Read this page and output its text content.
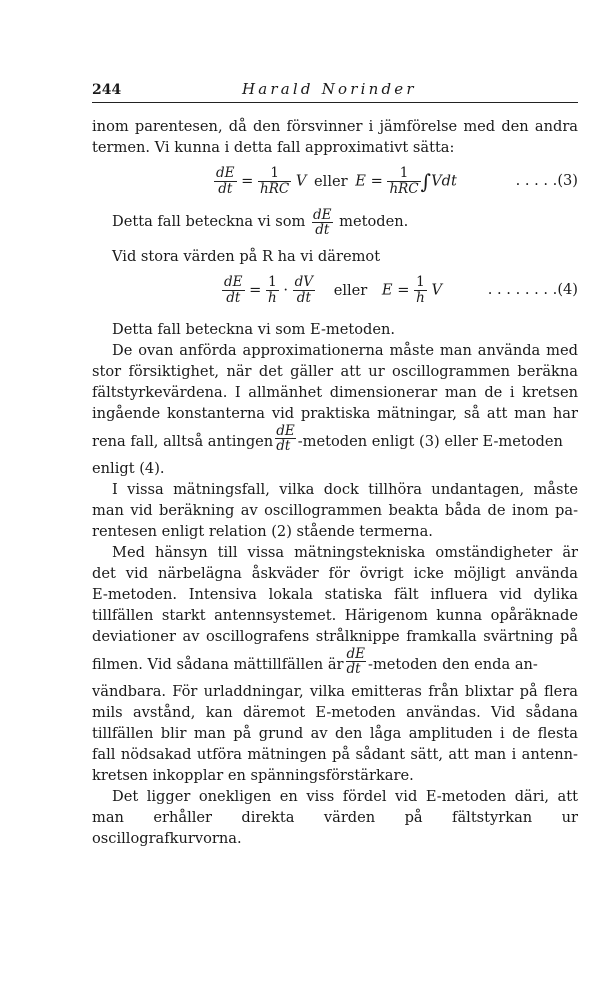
244	Harald Norinder

inom parentesen, då den försvinner i jämförelse med den andra
termen. Vi kunna i detta fall approximativt sätta:

$\frac{dE}{dt} = \frac{1}{\text{hRC}}$ V eller $E = \frac{1}{\text{hRC}} \int Vdt$	. . . . .(3)
Detta fall beteckna vi som $\frac{dE}{dt}$ metoden.
Vid stora värden på R ha vi däremot
$\frac{dE}{dt} = \frac{1}{h} \cdot \frac{dV}{dt}$ eller $E = \frac{1}{h}$ V	. . . . . . . .(4)
Detta fall beteckna vi som E-metoden.

De ovan anförda approximationerna måste man använda med
stor försiktighet, när det gäller att ur oscillogrammen beräkna
fältstyrkevärdena. I allmänhet dimensionerar man de i kretsen
ingående konstanterna vid praktiska mätningar, så att man har
rena fall, alltså antingen $\frac{dE}{dt}$ -metoden enligt (3) eller E-metoden
enligt (4).

I vissa mätningsfall, vilka dock tillhöra undantagen, måste
man vid beräkning av oscillogrammen beakta båda de inom pa-
rentesen enligt relation (2) stående termerna.

Med hänsyn till vissa mätningstekniska omständigheter är
det vid närbelägna åskväder för övrigt icke möjligt använda
E-metoden. Intensiva lokala statiska fält influera vid dylika
tillfällen starkt antennsystemet. Härigenom kunna opåräknade
deviationer av oscillografens strålknippe framkalla svärtning på
filmen. Vid sådana mättillfällen är $\frac{dE}{dt}$ -metoden den enda an-
vändbara. För urladdningar, vilka emitteras från blixtar på flera
mils avstånd, kan däremot E-metoden användas. Vid sådana
tillfällen blir man på grund av den låga amplituden i de flesta
fall nödsakad utföra mätningen på sådant sätt, att man i antenn-
kretsen inkopplar en spänningsförstärkare.

Det ligger onekligen en viss fördel vid E-metoden däri, att
man erhåller direkta värden på fältstyrkan ur oscillografkurvorna.
